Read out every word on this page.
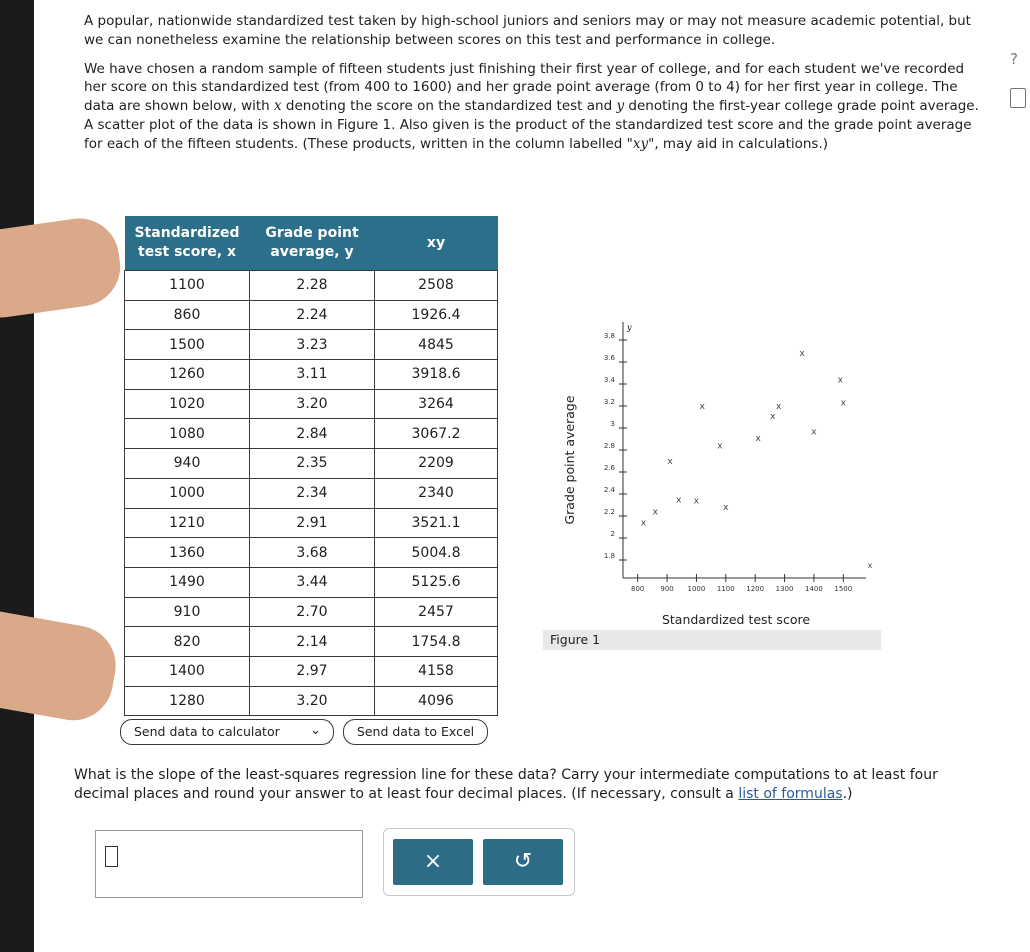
?

A popular, nationwide standardized test taken by high-school juniors and seniors may or may not measure academic potential, but we can nonetheless examine the relationship between scores on this test and performance in college.

We have chosen a random sample of fifteen students just finishing their first year of college, and for each student we've recorded her score on this standardized test (from 400 to 1600) and her grade point average (from 0 to 4) for her first year in college. The data are shown below, with x denoting the score on the standardized test and y denoting the first-year college grade point average. A scatter plot of the data is shown in Figure 1. Also given is the product of the standardized test score and the grade point average for each of the fifteen students. (These products, written in the column labelled "xy", may aid in calculations.)

Standardized test score, x	Grade point average, y	xy
1100	2.28	2508
860	2.24	1926.4
1500	3.23	4845
1260	3.11	3918.6
1020	3.20	3264
1080	2.84	3067.2
940	2.35	2209
1000	2.34	2340
1210	2.91	3521.1
1360	3.68	5004.8
1490	3.44	5125.6
910	2.70	2457
820	2.14	1754.8
1400	2.97	4158
1280	3.20	4096
Send data to calculator ⌄	Send data to Excel
y
1.8
2
2.2
2.4
2.6
2.8
3
3.2
3.4
3.6
3.8
800 900 1000 1100 1200 1300 1400 1500
Grade point average
Standardized test score
x
x
x
x
x
x
x x
x
x
x
x
x
x
x
x
Figure 1
What is the slope of the least-squares regression line for these data? Carry your intermediate computations to at least four decimal places and round your answer to at least four decimal places. (If necessary, consult a list of formulas.)
×	↺
